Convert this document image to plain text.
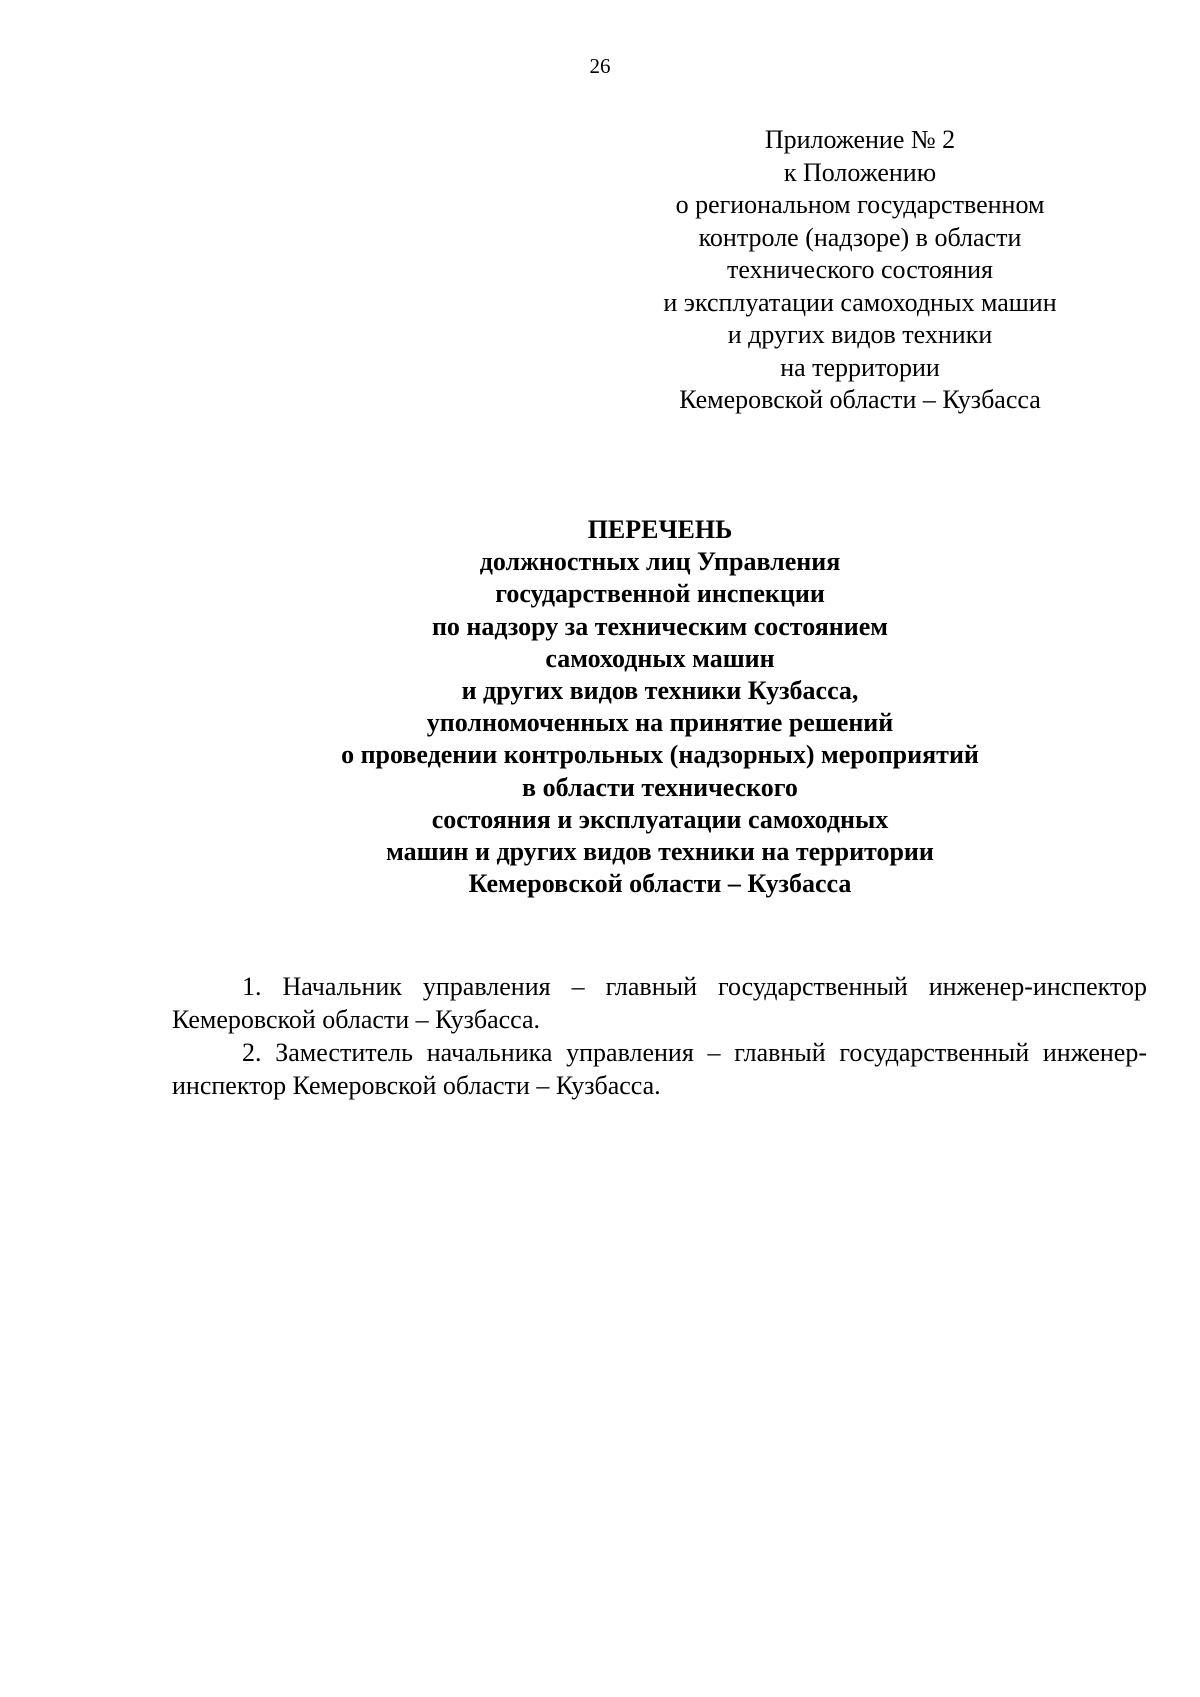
26
Приложение № 2
к Положению
о региональном государственном
контроле (надзоре) в области
технического состояния
и эксплуатации самоходных машин
и других видов техники
на территории
Кемеровской области – Кузбасса
ПЕРЕЧЕНЬ
должностных лиц Управления
государственной инспекции
по надзору за техническим состоянием
самоходных машин
и других видов техники Кузбасса,
уполномоченных на принятие решений
о проведении контрольных (надзорных) мероприятий
в области технического
состояния и эксплуатации самоходных
машин и других видов техники на территории
Кемеровской области – Кузбасса

1. Начальник управления – главный государственный инженер-инспектор Кемеровской области – Кузбасса.

2. Заместитель начальника управления – главный государственный инженер-инспектор Кемеровской области – Кузбасса.
